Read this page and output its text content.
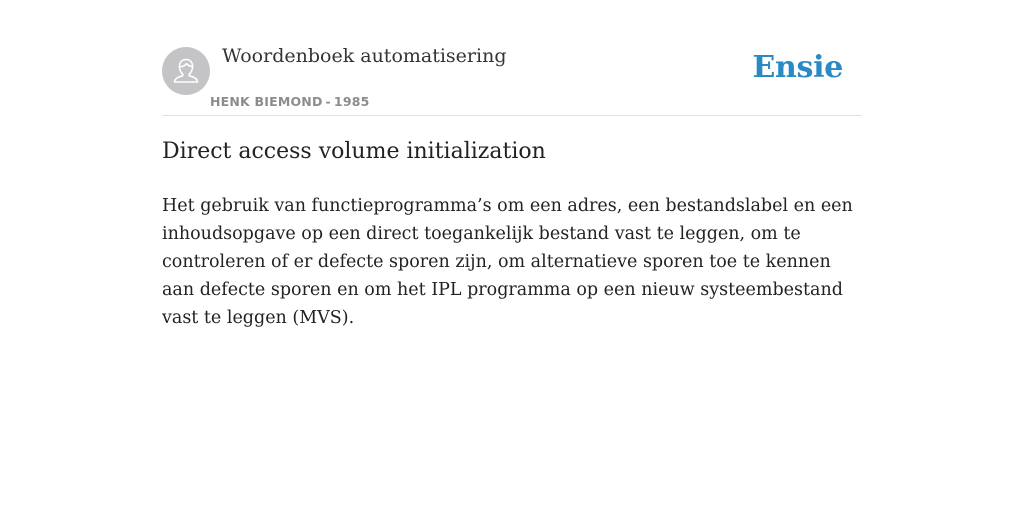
Woordenboek automatisering
HENK BIEMOND - 1985
Ensie
Direct access volume initialization
Het gebruik van functieprogramma’s om een adres, een bestandslabel en een inhoudsopgave op een direct toegankelijk bestand vast te leggen, om te controleren of er defecte sporen zijn, om alternatieve sporen toe te kennen aan defecte sporen en om het IPL programma op een nieuw systeembestand vast te leggen (MVS).
